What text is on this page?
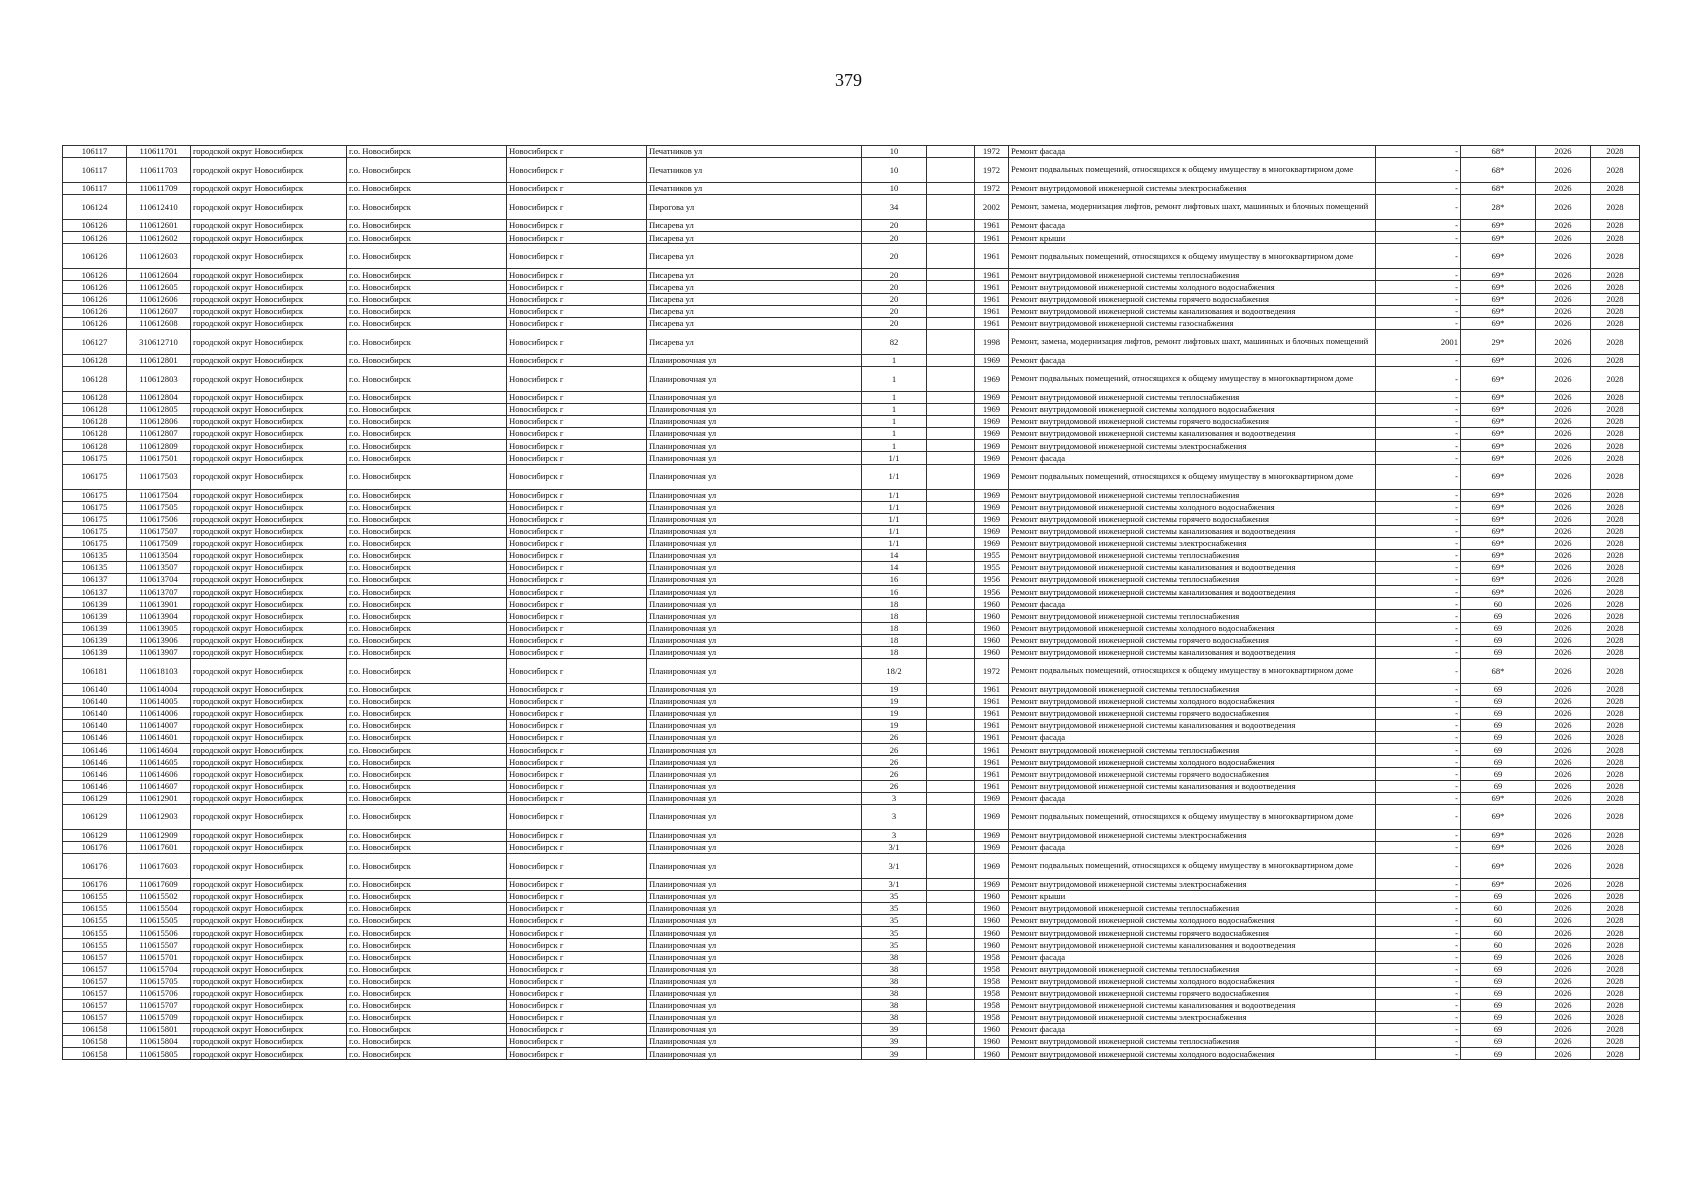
379
106117	110611701	городской округ Новосибирск	г.о. Новосибирск	Новосибирск г	Печатников ул	10		1972	Ремонт фасада	-	68*	2026	2028
106117	110611703	городской округ Новосибирск	г.о. Новосибирск	Новосибирск г	Печатников ул	10		1972	Ремонт подвальных помещений, относящихся к общему имуществу в многоквартирном доме	-	68*	2026	2028
106117	110611709	городской округ Новосибирск	г.о. Новосибирск	Новосибирск г	Печатников ул	10		1972	Ремонт внутридомовой инженерной системы электроснабжения	-	68*	2026	2028
106124	110612410	городской округ Новосибирск	г.о. Новосибирск	Новосибирск г	Пирогова ул	34		2002	Ремонт, замена, модернизация лифтов, ремонт лифтовых шахт, машинных и блочных помещений	-	28*	2026	2028
106126	110612601	городской округ Новосибирск	г.о. Новосибирск	Новосибирск г	Писарева ул	20		1961	Ремонт фасада	-	69*	2026	2028
106126	110612602	городской округ Новосибирск	г.о. Новосибирск	Новосибирск г	Писарева ул	20		1961	Ремонт крыши	-	69*	2026	2028
106126	110612603	городской округ Новосибирск	г.о. Новосибирск	Новосибирск г	Писарева ул	20		1961	Ремонт подвальных помещений, относящихся к общему имуществу в многоквартирном доме	-	69*	2026	2028
106126	110612604	городской округ Новосибирск	г.о. Новосибирск	Новосибирск г	Писарева ул	20		1961	Ремонт внутридомовой инженерной системы теплоснабжения	-	69*	2026	2028
106126	110612605	городской округ Новосибирск	г.о. Новосибирск	Новосибирск г	Писарева ул	20		1961	Ремонт внутридомовой инженерной системы холодного водоснабжения	-	69*	2026	2028
106126	110612606	городской округ Новосибирск	г.о. Новосибирск	Новосибирск г	Писарева ул	20		1961	Ремонт внутридомовой инженерной системы горячего водоснабжения	-	69*	2026	2028
106126	110612607	городской округ Новосибирск	г.о. Новосибирск	Новосибирск г	Писарева ул	20		1961	Ремонт внутридомовой инженерной системы канализования и водоотведения	-	69*	2026	2028
106126	110612608	городской округ Новосибирск	г.о. Новосибирск	Новосибирск г	Писарева ул	20		1961	Ремонт внутридомовой инженерной системы газоснабжения	-	69*	2026	2028
106127	310612710	городской округ Новосибирск	г.о. Новосибирск	Новосибирск г	Писарева ул	82		1998	Ремонт, замена, модернизация лифтов, ремонт лифтовых шахт, машинных и блочных помещений	2001	29*	2026	2028
106128	110612801	городской округ Новосибирск	г.о. Новосибирск	Новосибирск г	Планировочная ул	1		1969	Ремонт фасада	-	69*	2026	2028
106128	110612803	городской округ Новосибирск	г.о. Новосибирск	Новосибирск г	Планировочная ул	1		1969	Ремонт подвальных помещений, относящихся к общему имуществу в многоквартирном доме	-	69*	2026	2028
106128	110612804	городской округ Новосибирск	г.о. Новосибирск	Новосибирск г	Планировочная ул	1		1969	Ремонт внутридомовой инженерной системы теплоснабжения	-	69*	2026	2028
106128	110612805	городской округ Новосибирск	г.о. Новосибирск	Новосибирск г	Планировочная ул	1		1969	Ремонт внутридомовой инженерной системы холодного водоснабжения	-	69*	2026	2028
106128	110612806	городской округ Новосибирск	г.о. Новосибирск	Новосибирск г	Планировочная ул	1		1969	Ремонт внутридомовой инженерной системы горячего водоснабжения	-	69*	2026	2028
106128	110612807	городской округ Новосибирск	г.о. Новосибирск	Новосибирск г	Планировочная ул	1		1969	Ремонт внутридомовой инженерной системы канализования и водоотведения	-	69*	2026	2028
106128	110612809	городской округ Новосибирск	г.о. Новосибирск	Новосибирск г	Планировочная ул	1		1969	Ремонт внутридомовой инженерной системы электроснабжения	-	69*	2026	2028
106175	110617501	городской округ Новосибирск	г.о. Новосибирск	Новосибирск г	Планировочная ул	1/1		1969	Ремонт фасада	-	69*	2026	2028
106175	110617503	городской округ Новосибирск	г.о. Новосибирск	Новосибирск г	Планировочная ул	1/1		1969	Ремонт подвальных помещений, относящихся к общему имуществу в многоквартирном доме	-	69*	2026	2028
106175	110617504	городской округ Новосибирск	г.о. Новосибирск	Новосибирск г	Планировочная ул	1/1		1969	Ремонт внутридомовой инженерной системы теплоснабжения	-	69*	2026	2028
106175	110617505	городской округ Новосибирск	г.о. Новосибирск	Новосибирск г	Планировочная ул	1/1		1969	Ремонт внутридомовой инженерной системы холодного водоснабжения	-	69*	2026	2028
106175	110617506	городской округ Новосибирск	г.о. Новосибирск	Новосибирск г	Планировочная ул	1/1		1969	Ремонт внутридомовой инженерной системы горячего водоснабжения	-	69*	2026	2028
106175	110617507	городской округ Новосибирск	г.о. Новосибирск	Новосибирск г	Планировочная ул	1/1		1969	Ремонт внутридомовой инженерной системы канализования и водоотведения	-	69*	2026	2028
106175	110617509	городской округ Новосибирск	г.о. Новосибирск	Новосибирск г	Планировочная ул	1/1		1969	Ремонт внутридомовой инженерной системы электроснабжения	-	69*	2026	2028
106135	110613504	городской округ Новосибирск	г.о. Новосибирск	Новосибирск г	Планировочная ул	14		1955	Ремонт внутридомовой инженерной системы теплоснабжения	-	69*	2026	2028
106135	110613507	городской округ Новосибирск	г.о. Новосибирск	Новосибирск г	Планировочная ул	14		1955	Ремонт внутридомовой инженерной системы канализования и водоотведения	-	69*	2026	2028
106137	110613704	городской округ Новосибирск	г.о. Новосибирск	Новосибирск г	Планировочная ул	16		1956	Ремонт внутридомовой инженерной системы теплоснабжения	-	69*	2026	2028
106137	110613707	городской округ Новосибирск	г.о. Новосибирск	Новосибирск г	Планировочная ул	16		1956	Ремонт внутридомовой инженерной системы канализования и водоотведения	-	69*	2026	2028
106139	110613901	городской округ Новосибирск	г.о. Новосибирск	Новосибирск г	Планировочная ул	18		1960	Ремонт фасада	-	60	2026	2028
106139	110613904	городской округ Новосибирск	г.о. Новосибирск	Новосибирск г	Планировочная ул	18		1960	Ремонт внутридомовой инженерной системы теплоснабжения	-	69	2026	2028
106139	110613905	городской округ Новосибирск	г.о. Новосибирск	Новосибирск г	Планировочная ул	18		1960	Ремонт внутридомовой инженерной системы холодного водоснабжения	-	69	2026	2028
106139	110613906	городской округ Новосибирск	г.о. Новосибирск	Новосибирск г	Планировочная ул	18		1960	Ремонт внутридомовой инженерной системы горячего водоснабжения	-	69	2026	2028
106139	110613907	городской округ Новосибирск	г.о. Новосибирск	Новосибирск г	Планировочная ул	18		1960	Ремонт внутридомовой инженерной системы канализования и водоотведения	-	69	2026	2028
106181	110618103	городской округ Новосибирск	г.о. Новосибирск	Новосибирск г	Планировочная ул	18/2		1972	Ремонт подвальных помещений, относящихся к общему имуществу в многоквартирном доме	-	68*	2026	2028
106140	110614004	городской округ Новосибирск	г.о. Новосибирск	Новосибирск г	Планировочная ул	19		1961	Ремонт внутридомовой инженерной системы теплоснабжения	-	69	2026	2028
106140	110614005	городской округ Новосибирск	г.о. Новосибирск	Новосибирск г	Планировочная ул	19		1961	Ремонт внутридомовой инженерной системы холодного водоснабжения	-	69	2026	2028
106140	110614006	городской округ Новосибирск	г.о. Новосибирск	Новосибирск г	Планировочная ул	19		1961	Ремонт внутридомовой инженерной системы горячего водоснабжения	-	69	2026	2028
106140	110614007	городской округ Новосибирск	г.о. Новосибирск	Новосибирск г	Планировочная ул	19		1961	Ремонт внутридомовой инженерной системы канализования и водоотведения	-	69	2026	2028
106146	110614601	городской округ Новосибирск	г.о. Новосибирск	Новосибирск г	Планировочная ул	26		1961	Ремонт фасада	-	69	2026	2028
106146	110614604	городской округ Новосибирск	г.о. Новосибирск	Новосибирск г	Планировочная ул	26		1961	Ремонт внутридомовой инженерной системы теплоснабжения	-	69	2026	2028
106146	110614605	городской округ Новосибирск	г.о. Новосибирск	Новосибирск г	Планировочная ул	26		1961	Ремонт внутридомовой инженерной системы холодного водоснабжения	-	69	2026	2028
106146	110614606	городской округ Новосибирск	г.о. Новосибирск	Новосибирск г	Планировочная ул	26		1961	Ремонт внутридомовой инженерной системы горячего водоснабжения	-	69	2026	2028
106146	110614607	городской округ Новосибирск	г.о. Новосибирск	Новосибирск г	Планировочная ул	26		1961	Ремонт внутридомовой инженерной системы канализования и водоотведения	-	69	2026	2028
106129	110612901	городской округ Новосибирск	г.о. Новосибирск	Новосибирск г	Планировочная ул	3		1969	Ремонт фасада	-	69*	2026	2028
106129	110612903	городской округ Новосибирск	г.о. Новосибирск	Новосибирск г	Планировочная ул	3		1969	Ремонт подвальных помещений, относящихся к общему имуществу в многоквартирном доме	-	69*	2026	2028
106129	110612909	городской округ Новосибирск	г.о. Новосибирск	Новосибирск г	Планировочная ул	3		1969	Ремонт внутридомовой инженерной системы электроснабжения	-	69*	2026	2028
106176	110617601	городской округ Новосибирск	г.о. Новосибирск	Новосибирск г	Планировочная ул	3/1		1969	Ремонт фасада	-	69*	2026	2028
106176	110617603	городской округ Новосибирск	г.о. Новосибирск	Новосибирск г	Планировочная ул	3/1		1969	Ремонт подвальных помещений, относящихся к общему имуществу в многоквартирном доме	-	69*	2026	2028
106176	110617609	городской округ Новосибирск	г.о. Новосибирск	Новосибирск г	Планировочная ул	3/1		1969	Ремонт внутридомовой инженерной системы электроснабжения	-	69*	2026	2028
106155	110615502	городской округ Новосибирск	г.о. Новосибирск	Новосибирск г	Планировочная ул	35		1960	Ремонт крыши	-	69	2026	2028
106155	110615504	городской округ Новосибирск	г.о. Новосибирск	Новосибирск г	Планировочная ул	35		1960	Ремонт внутридомовой инженерной системы теплоснабжения	-	60	2026	2028
106155	110615505	городской округ Новосибирск	г.о. Новосибирск	Новосибирск г	Планировочная ул	35		1960	Ремонт внутридомовой инженерной системы холодного водоснабжения	-	60	2026	2028
106155	110615506	городской округ Новосибирск	г.о. Новосибирск	Новосибирск г	Планировочная ул	35		1960	Ремонт внутридомовой инженерной системы горячего водоснабжения	-	60	2026	2028
106155	110615507	городской округ Новосибирск	г.о. Новосибирск	Новосибирск г	Планировочная ул	35		1960	Ремонт внутридомовой инженерной системы канализования и водоотведения	-	60	2026	2028
106157	110615701	городской округ Новосибирск	г.о. Новосибирск	Новосибирск г	Планировочная ул	38		1958	Ремонт фасада	-	69	2026	2028
106157	110615704	городской округ Новосибирск	г.о. Новосибирск	Новосибирск г	Планировочная ул	38		1958	Ремонт внутридомовой инженерной системы теплоснабжения	-	69	2026	2028
106157	110615705	городской округ Новосибирск	г.о. Новосибирск	Новосибирск г	Планировочная ул	38		1958	Ремонт внутридомовой инженерной системы холодного водоснабжения	-	69	2026	2028
106157	110615706	городской округ Новосибирск	г.о. Новосибирск	Новосибирск г	Планировочная ул	38		1958	Ремонт внутридомовой инженерной системы горячего водоснабжения	-	69	2026	2028
106157	110615707	городской округ Новосибирск	г.о. Новосибирск	Новосибирск г	Планировочная ул	38		1958	Ремонт внутридомовой инженерной системы канализования и водоотведения	-	69	2026	2028
106157	110615709	городской округ Новосибирск	г.о. Новосибирск	Новосибирск г	Планировочная ул	38		1958	Ремонт внутридомовой инженерной системы электроснабжения	-	69	2026	2028
106158	110615801	городской округ Новосибирск	г.о. Новосибирск	Новосибирск г	Планировочная ул	39		1960	Ремонт фасада	-	69	2026	2028
106158	110615804	городской округ Новосибирск	г.о. Новосибирск	Новосибирск г	Планировочная ул	39		1960	Ремонт внутридомовой инженерной системы теплоснабжения	-	69	2026	2028
106158	110615805	городской округ Новосибирск	г.о. Новосибирск	Новосибирск г	Планировочная ул	39		1960	Ремонт внутридомовой инженерной системы холодного водоснабжения	-	69	2026	2028
